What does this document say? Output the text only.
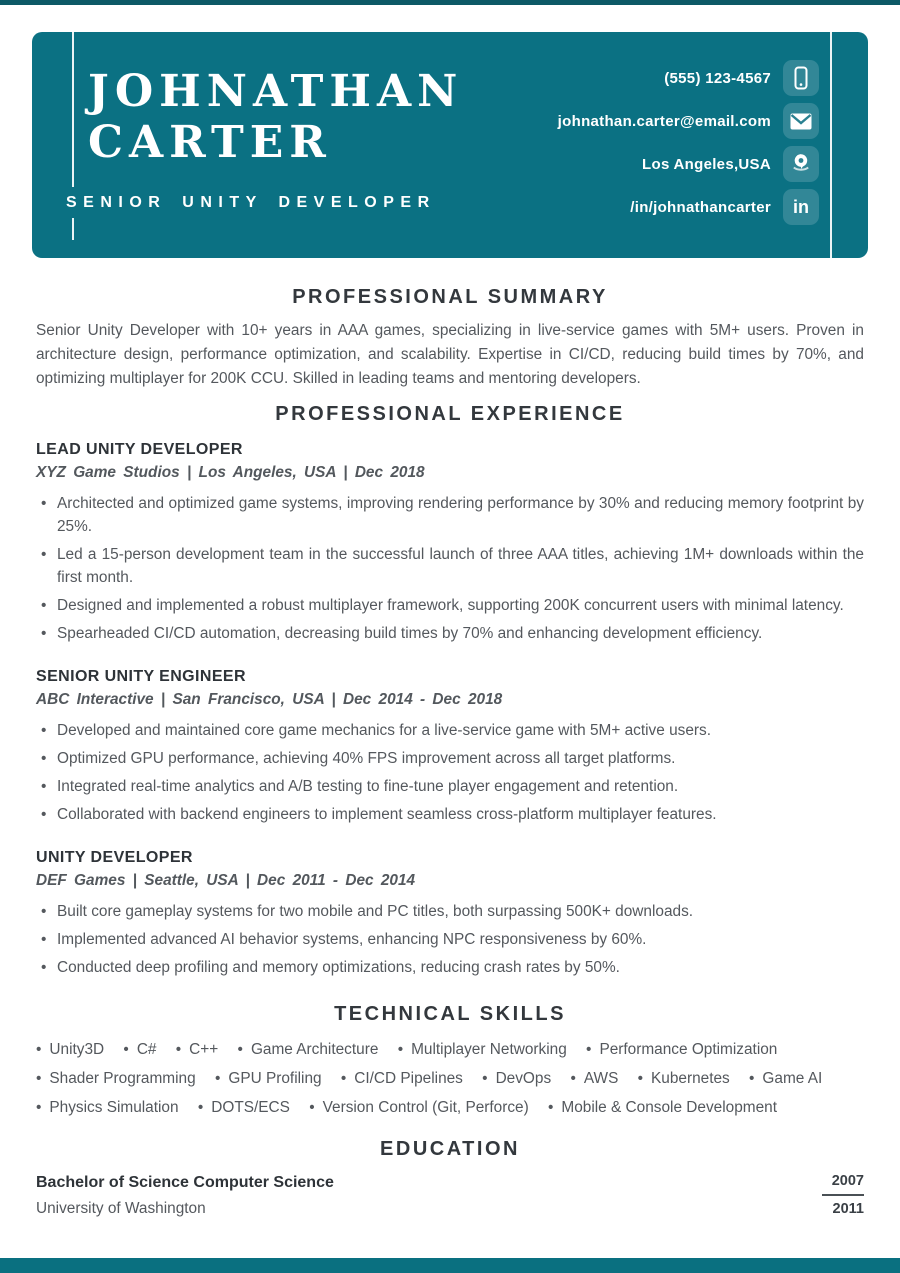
JOHNATHAN
CARTER
SENIOR UNITY DEVELOPER
(555) 123-4567
johnathan.carter@email.com
Los Angeles,USA
/in/johnathancarter in
PROFESSIONAL SUMMARY

Senior Unity Developer with 10+ years in AAA games, specializing in live-service games with 5M+ users. Proven in architecture design, performance optimization, and scalability. Expertise in CI/CD, reducing build times by 70%, and optimizing multiplayer for 200K CCU. Skilled in leading teams and mentoring developers.

PROFESSIONAL EXPERIENCE
LEAD UNITY DEVELOPER
XYZ Game Studios | Los Angeles, USA | Dec 2018
• Architected and optimized game systems, improving rendering performance by 30% and reducing memory footprint by 25%.
• Led a 15-person development team in the successful launch of three AAA titles, achieving 1M+ downloads within the first month.
• Designed and implemented a robust multiplayer framework, supporting 200K concurrent users with minimal latency.
• Spearheaded CI/CD automation, decreasing build times by 70% and enhancing development efficiency.
SENIOR UNITY ENGINEER
ABC Interactive | San Francisco, USA | Dec 2014 - Dec 2018
• Developed and maintained core game mechanics for a live-service game with 5M+ active users.
• Optimized GPU performance, achieving 40% FPS improvement across all target platforms.
• Integrated real-time analytics and A/B testing to fine-tune player engagement and retention.
• Collaborated with backend engineers to implement seamless cross-platform multiplayer features.
UNITY DEVELOPER
DEF Games | Seattle, USA | Dec 2011 - Dec 2014
• Built core gameplay systems for two mobile and PC titles, both surpassing 500K+ downloads.
• Implemented advanced AI behavior systems, enhancing NPC responsiveness by 60%.
• Conducted deep profiling and memory optimizations, reducing crash rates by 50%.
TECHNICAL SKILLS
• Unity3D • C# • C++ • Game Architecture • Multiplayer Networking • Performance Optimization
• Shader Programming • GPU Profiling • CI/CD Pipelines • DevOps • AWS • Kubernetes • Game AI
• Physics Simulation • DOTS/ECS • Version Control (Git, Perforce) • Mobile & Console Development
EDUCATION
Bachelor of Science Computer Science
University of Washington
2007
2011
